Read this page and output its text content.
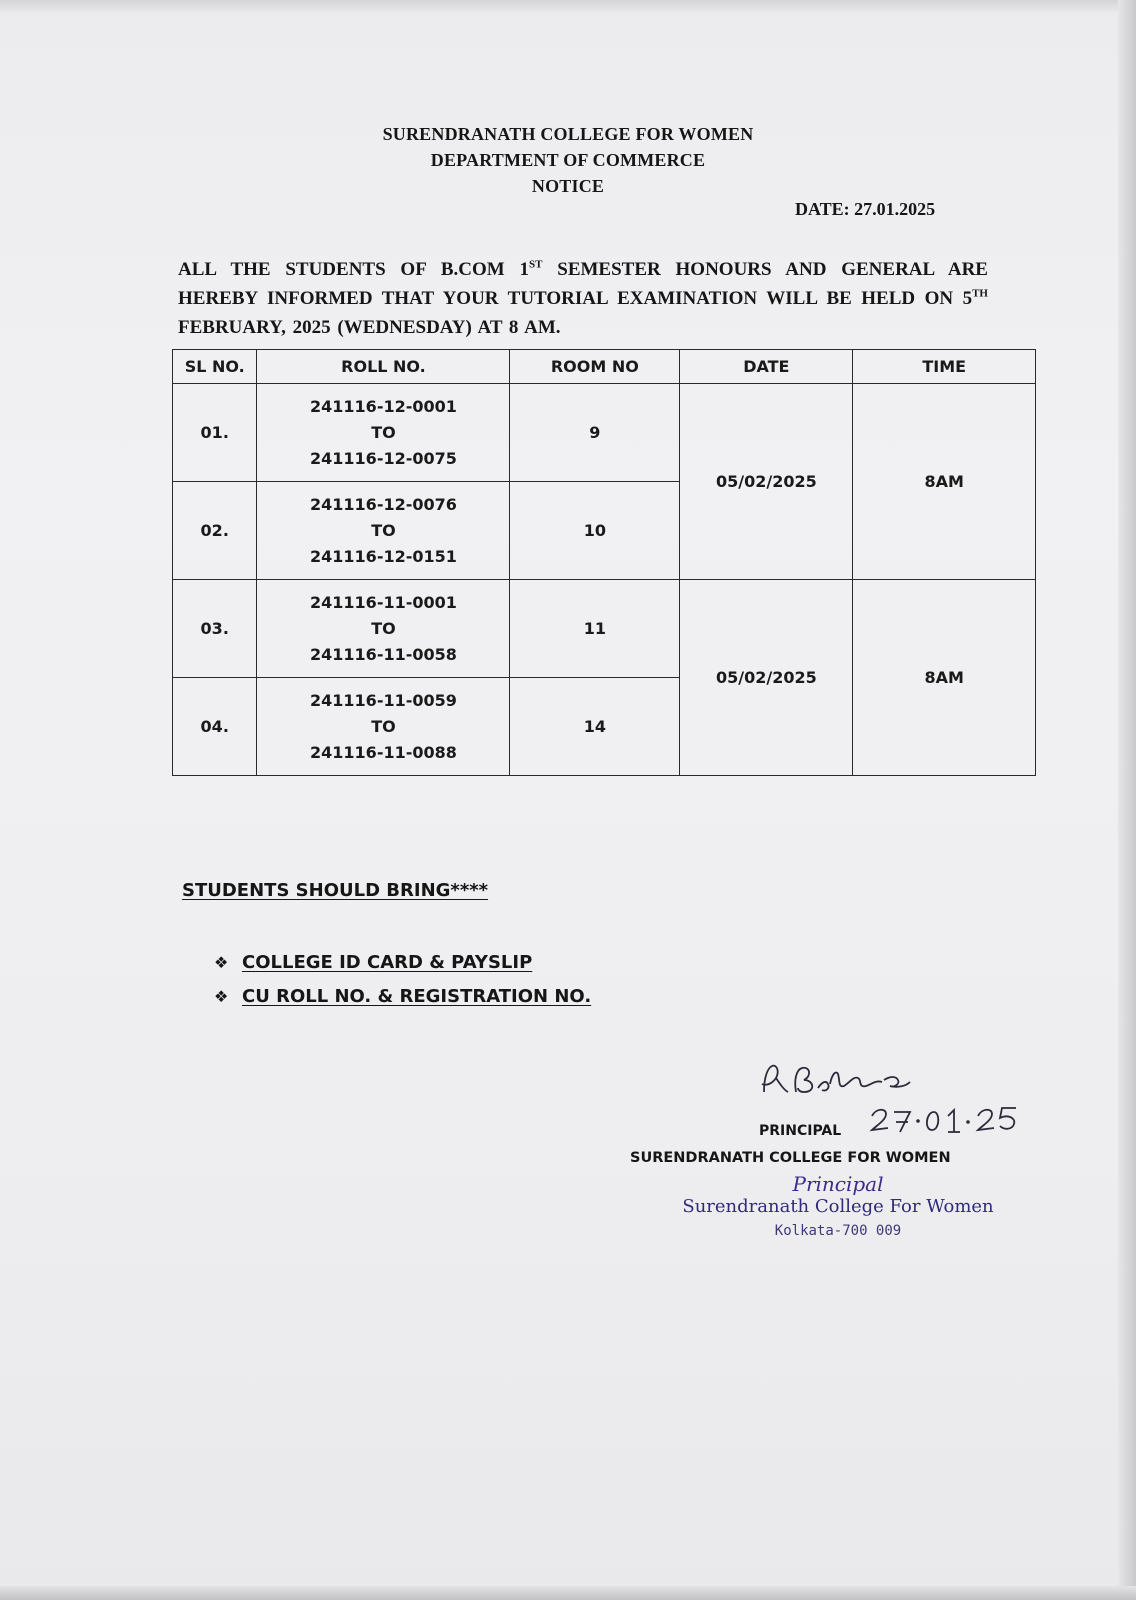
SURENDRANATH COLLEGE FOR WOMEN
DEPARTMENT OF COMMERCE
NOTICE
DATE: 27.01.2025
ALL THE STUDENTS OF B.COM 1ST SEMESTER HONOURS AND GENERAL ARE HEREBY INFORMED THAT YOUR TUTORIAL EXAMINATION WILL BE HELD ON 5TH FEBRUARY, 2025 (WEDNESDAY) AT 8 AM.
SL NO.	ROLL NO.	ROOM NO	DATE	TIME
01.	241116-12-0001
TO
241116-12-0075	9	05/02/2025	8AM
02.	241116-12-0076
TO
241116-12-0151	10		
03.	241116-11-0001
TO
241116-11-0058	11	05/02/2025	8AM
04.	241116-11-0059
TO
241116-11-0088	14		
STUDENTS SHOULD BRING****
❖ COLLEGE ID CARD & PAYSLIP
❖ CU ROLL NO. & REGISTRATION NO.
PRINCIPAL
SURENDRANATH COLLEGE FOR WOMEN
Principal
Surendranath College For Women
Kolkata-700 009
